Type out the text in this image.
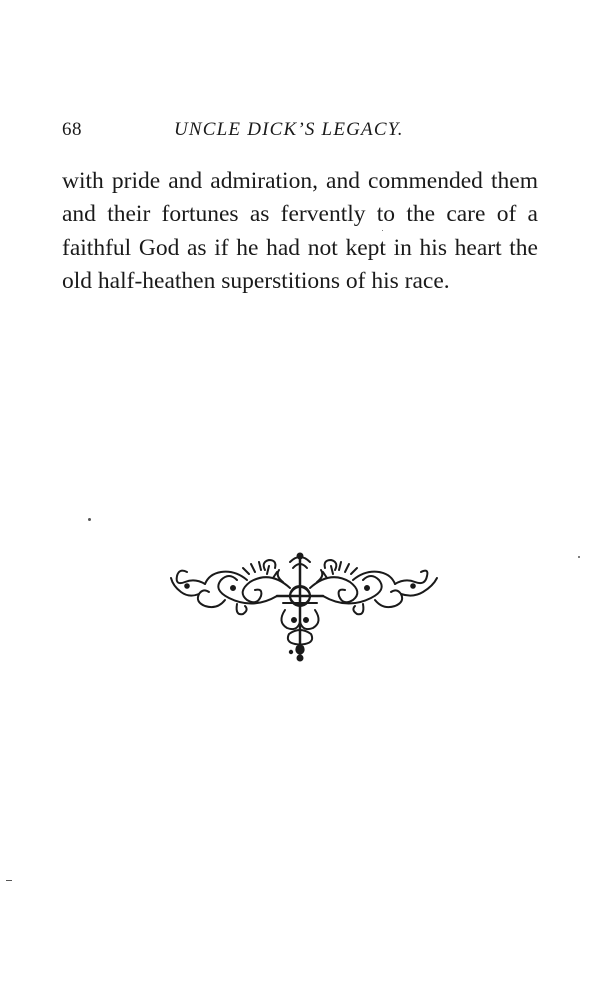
68	UNCLE DICK’S LEGACY.

with pride and admiration, and commended them and their fortunes as fervently to the care of a faithful God as if he had not kept in his heart the old half-heathen superstitions of his race.
